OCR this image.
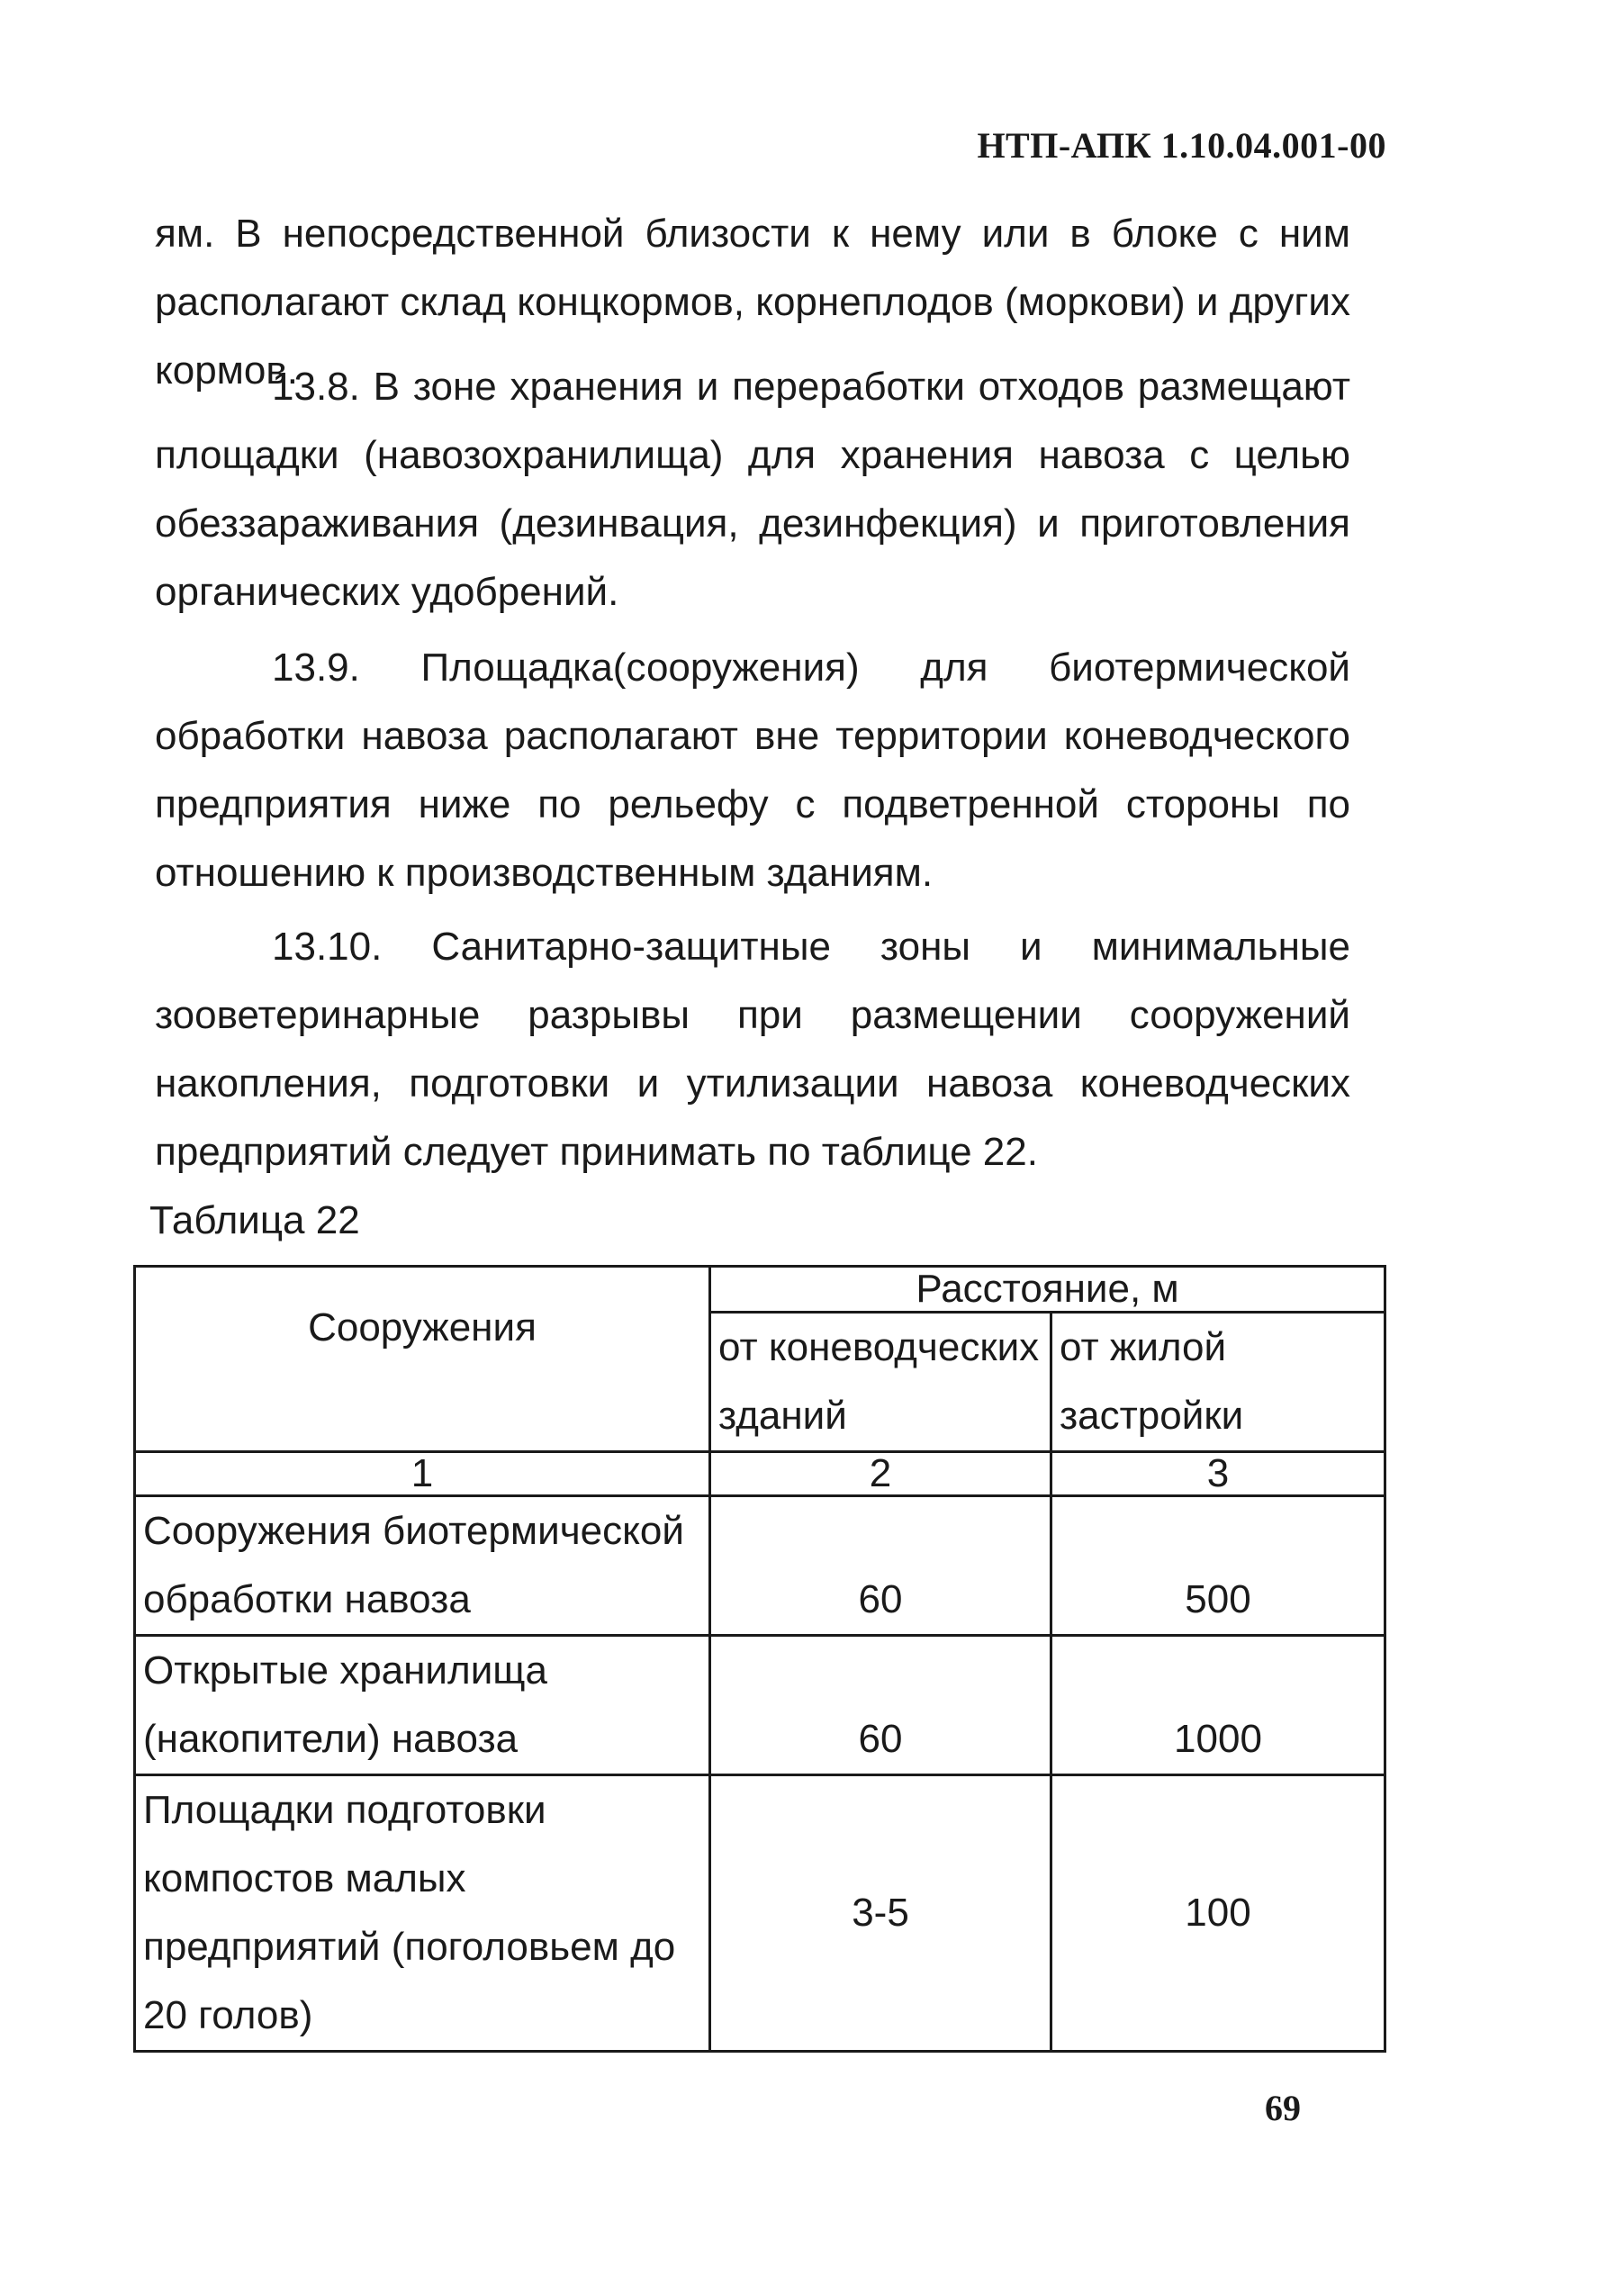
НТП-АПК 1.10.04.001-00

ям. В непосредственной близости к нему или в блоке с ним располагают склад концкормов, корнеплодов (моркови) и других кормов.

13.8. В зоне хранения и переработки отходов размещают площадки (навозохранилища) для хранения навоза с целью обеззараживания (дезинвация, дезинфекция) и приготовления органических удобрений.

13.9. Площадка(сооружения) для биотермической обработки навоза располагают вне территории коневодческого предприятия ниже по рельефу с подветренной стороны по отношению к производственным зданиям.

13.10. Санитарно-защитные зоны и минимальные зооветеринарные разрывы при размещении сооружений накопления, подготовки и утилизации навоза коневодческих предприятий следует принимать по таблице 22.

Таблица 22
Сооружения	Расстояние, м	
	от коневодческих зданий	от жилой застройки
1	2	3
Сооружения биотермической обработки навоза	60	500
Открытые хранилища (накопители) навоза	60	1000
Площадки подготовки компостов малых предприятий (поголовьем до 20 голов)	3-5	100
69
